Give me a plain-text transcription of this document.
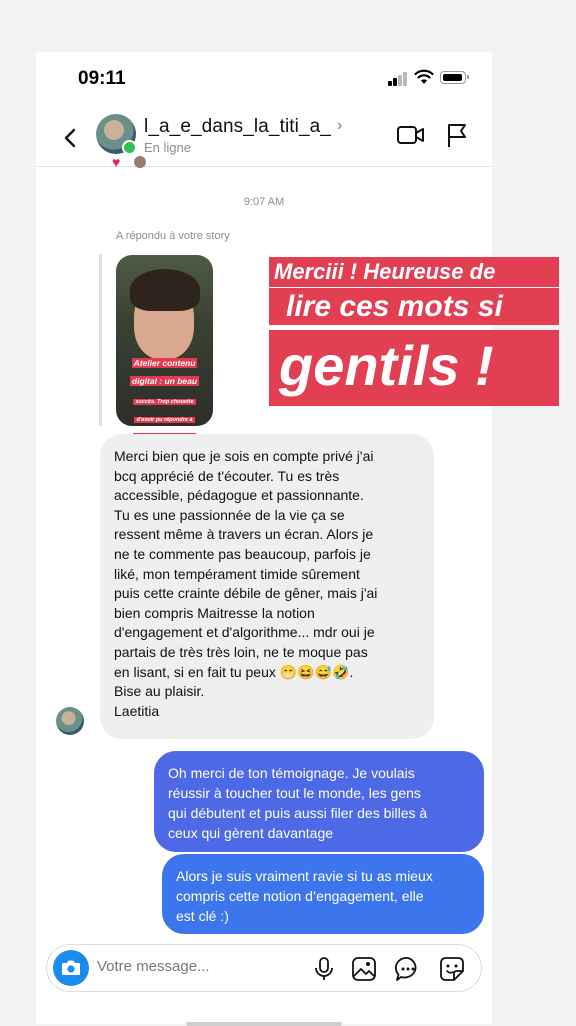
09:11
l_a_e_dans_la_titi_a_ ›
En ligne
♥
9:07 AM
A répondu à votre story
Atelier contenu
digital : un beau
succès. Trop chouette
d'avoir pu répondre à

Merci bien que je sois en compte privé j'ai
bcq apprécié de t'écouter. Tu es très
accessible, pédagogue et passionnante.
Tu es une passionnée de la vie ça se
ressent même à travers un écran. Alors je
ne te commente pas beaucoup, parfois je
liké, mon tempérament timide sûrement
puis cette crainte débile de gêner, mais j'ai
bien compris Maitresse la notion
d'engagement et d'algorithme... mdr oui je
partais de très très loin, ne te moque pas
en lisant, si en fait tu peux 😁😆😅🤣.
Bise au plaisir.
Laetitia

Oh merci de ton témoignage. Je voulais
réussir à toucher tout le monde, les gens
qui débutent et puis aussi filer des billes à
ceux qui gèrent davantage
Alors je suis vraiment ravie si tu as mieux
compris cette notion d’engagement, elle
est clé :)
Votre message...
Merciii ! Heureuse de
lire ces mots si
gentils !
